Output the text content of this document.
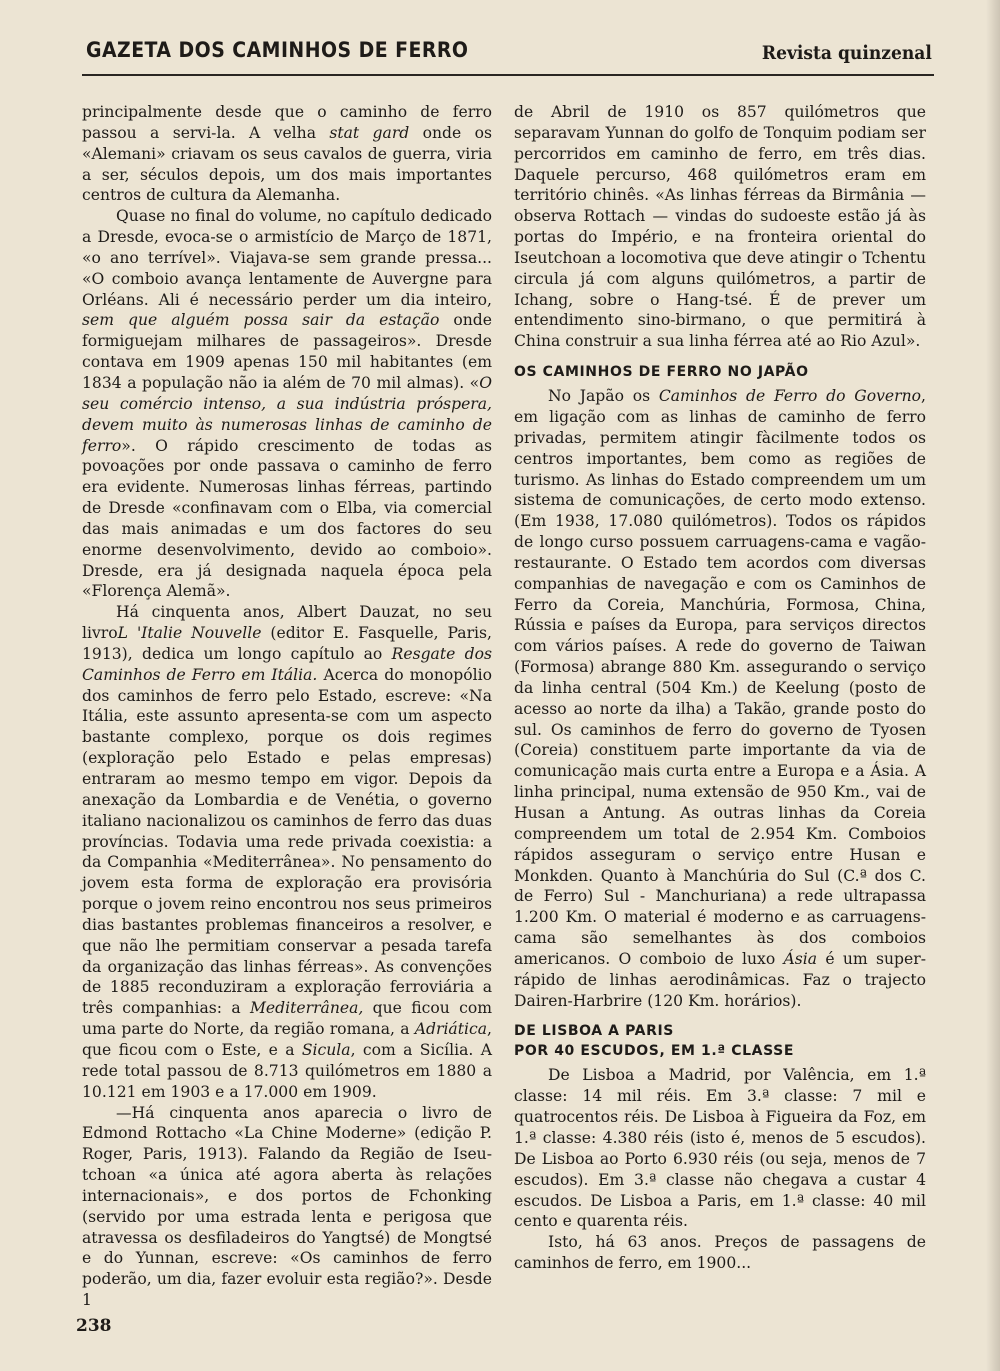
GAZETA DOS CAMINHOS DE FERRO	Revista quinzenal

principalmente desde que o caminho de ferro passou a servi-la. A velha stat gard onde os «Alemani» criavam os seus cavalos de guerra, viria a ser, séculos depois, um dos mais importantes centros de cultura da Alemanha.

Quase no final do volume, no capítulo dedicado a Dresde, evoca-se o armistício de Março de 1871, «o ano terrível». Viajava-se sem grande pressa... «O comboio avança lentamente de Auvergne para Orléans. Ali é necessário perder um dia inteiro, sem que alguém possa sair da estação onde formiguejam milhares de passageiros». Dresde contava em 1909 apenas 150 mil habitantes (em 1834 a população não ia além de 70 mil almas). «O seu comércio intenso, a sua indústria próspera, devem muito às numerosas linhas de caminho de ferro». O rápido crescimento de todas as povoações por onde passava o caminho de ferro era evidente. Numerosas linhas férreas, partindo de Dresde «confinavam com o Elba, via comercial das mais animadas e um dos factores do seu enorme desenvolvimento, devido ao comboio». Dresde, era já designada naquela época pela «Florença Alemã».

Há cinquenta anos, Albert Dauzat, no seu livroL 'Italie Nouvelle (editor E. Fasquelle, Paris, 1913), dedica um longo capítulo ao Resgate dos Caminhos de Ferro em Itália. Acerca do monopólio dos caminhos de ferro pelo Estado, escreve: «Na Itália, este assunto apresenta-se com um aspecto bastante complexo, porque os dois regimes (exploração pelo Estado e pelas empresas) entraram ao mesmo tempo em vigor. Depois da anexação da Lombardia e de Venétia, o governo italiano nacionalizou os caminhos de ferro das duas províncias. Todavia uma rede privada coexistia: a da Companhia «Mediterrânea». No pensamento do jovem esta forma de exploração era provisória porque o jovem reino encontrou nos seus primeiros dias bastantes problemas financeiros a resolver, e que não lhe permitiam conservar a pesada tarefa da organização das linhas férreas». As convenções de 1885 reconduziram a exploração ferroviária a três companhias: a Mediterrânea, que ficou com uma parte do Norte, da região romana, a Adriática, que ficou com o Este, e a Sicula, com a Sicília. A rede total passou de 8.713 quilómetros em 1880 a 10.121 em 1903 e a 17.000 em 1909.

—Há cinquenta anos aparecia o livro de Edmond Rottacho «La Chine Moderne» (edição P. Roger, Paris, 1913). Falando da Região de Iseu-tchoan «a única até agora aberta às relações internacionais», e dos portos de Fchonking (servido por uma estrada lenta e perigosa que atravessa os desfiladeiros do Yangtsé) de Mongtsé e do Yunnan, escreve: «Os caminhos de ferro poderão, um dia, fazer evoluir esta região?». Desde 1

de Abril de 1910 os 857 quilómetros que separavam Yunnan do golfo de Tonquim podiam ser percorridos em caminho de ferro, em três dias. Daquele percurso, 468 quilómetros eram em território chinês. «As linhas férreas da Birmânia — observa Rottach — vindas do sudoeste estão já às portas do Império, e na fronteira oriental do Iseutchoan a locomotiva que deve atingir o Tchentu circula já com alguns quilómetros, a partir de Ichang, sobre o Hang-tsé. É de prever um entendimento sino-birmano, o que permitirá à China construir a sua linha férrea até ao Rio Azul».

OS CAMINHOS DE FERRO NO JAPÃO

No Japão os Caminhos de Ferro do Governo, em ligação com as linhas de caminho de ferro privadas, permitem atingir fàcilmente todos os centros importantes, bem como as regiões de turismo. As linhas do Estado compreendem um um sistema de comunicações, de certo modo extenso. (Em 1938, 17.080 quilómetros). Todos os rápidos de longo curso possuem carruagens-cama e vagão-restaurante. O Estado tem acordos com diversas companhias de navegação e com os Caminhos de Ferro da Coreia, Manchúria, Formosa, China, Rússia e países da Europa, para serviços directos com vários países. A rede do governo de Taiwan (Formosa) abrange 880 Km. assegurando o serviço da linha central (504 Km.) de Keelung (posto de acesso ao norte da ilha) a Takão, grande posto do sul. Os caminhos de ferro do governo de Tyosen (Coreia) constituem parte importante da via de comunicação mais curta entre a Europa e a Ásia. A linha principal, numa extensão de 950 Km., vai de Husan a Antung. As outras linhas da Coreia compreendem um total de 2.954 Km. Comboios rápidos asseguram o serviço entre Husan e Monkden. Quanto à Manchúria do Sul (C.ª dos C. de Ferro) Sul - Manchuriana) a rede ultrapassa 1.200 Km. O material é moderno e as carruagens-cama são semelhantes às dos comboios americanos. O comboio de luxo Ásia é um super-rápido de linhas aerodinâmicas. Faz o trajecto Dairen-Harbrire (120 Km. horários).

DE LISBOA A PARIS
POR 40 ESCUDOS, EM 1.ª CLASSE

De Lisboa a Madrid, por Valência, em 1.ª classe: 14 mil réis. Em 3.ª classe: 7 mil e quatrocentos réis. De Lisboa à Figueira da Foz, em 1.ª classe: 4.380 réis (isto é, menos de 5 escudos). De Lisboa ao Porto 6.930 réis (ou seja, menos de 7 escudos). Em 3.ª classe não chegava a custar 4 escudos. De Lisboa a Paris, em 1.ª classe: 40 mil cento e quarenta réis.

Isto, há 63 anos. Preços de passagens de caminhos de ferro, em 1900...

238
